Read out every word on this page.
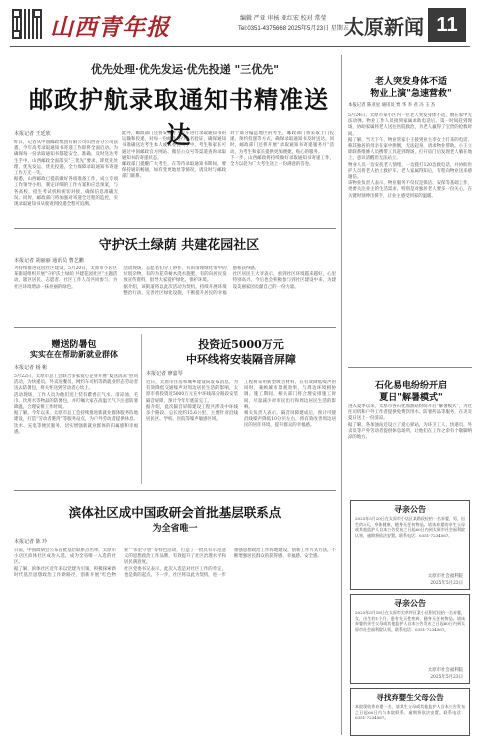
山西青年报	编辑 严亚 审核 亚红宏 校对 常莹
Tel:0351-4375668 2025年5月23日 星期五
太原新闻 11
优先处理·优先发运·优先投递 "三优先"
邮政护航录取通知书精准送达
本报记者 王廷欣

昨日，记者从中国邮政集团有限公司山西省分公司获悉，今年高考录取通知书寄递工作即将全面启动。为确保每一份录取通知书都能安全、准确、及时送达考生手中，山西邮政全面落实“三优先”要求，即优先处理、优先发运、优先投递，全力保障录取通知书寄递工作万无一失。

据悉，山西邮政已提前做好各项准备工作，成立专项工作领导小组，制定详细的工作方案和应急预案，与各高校、招生考试机构密切对接，确保信息准确无误。同时，邮政部门将加强对寄递全过程的监控，实现录取通知书从收寄到投递全程可追溯。

此外，邮政部门还将安排专人专车进行录取通知书的运输和投递，对每一份邮件进行实名验证，确保通知书准确送达考生本人或其委托人手中。考生和家长可通过中国邮政官方网站、微信公众号等渠道查询录取通知书的寄递状态。

邮政部门提醒广大考生，在等待录取通知书期间，要保持通讯畅通，如有变更地址等情况，请及时与邮政部门联系。

对于部分偏远地区的考生，邮政部门将采取上门投递、预约投递等方式，确保录取通知书及时送达。同时，邮政部门还将开展“录取通知书寄递服务月”活动，为考生和家长提供更加便捷、贴心的服务。

下一步，山西邮政将持续做好录取通知书寄递工作，全力以赴为广大考生送上一份满意的答卷。

老人突发身体不适
物业上演"急速营救"
本报记者 陈亚星 通讯员 贾 华 李 君 冯 玉 杰

5月24日，太原市某小区内一位老人突发身体不适，倒在家中无法动弹。物业工作人员接到家属求助电话后，第一时间赶到现场，协助家属将老人送往医院救治，为老人赢得了宝贵的抢救时间。

据了解，当天下午，物业管家小王接到业主李女士打来的电话，称其独居的母亲在家中摔倒，无法起身，请求物业帮助。小王立即联系维修人员携带工具赶到现场，打开房门后发现老人躺在地上，意识清醒但无法站立。

物业人员一边安抚老人情绪，一边拨打120急救电话，并协助医护人员将老人抬上救护车。老人家属得知后，专程向物业送来感谢信。

该物业负责人表示，物业服务不仅仅是保洁、安保等基础工作，更要关注业主的生活需求，特别是对独居老人要多一份关心，在关键时刻伸出援手，让业主感受到家的温暖。

守护沃土绿荫 共建花园社区
本报记者 胡丽丽 通讯员 曹艺鹏

为持续推进花园社区建设，5月20日，太原市小店区某街道组织开展“守护沃土绿荫 共建花园社区”主题活动，辖区居民、志愿者、社区工作人员共同参与，为社区环境增添一抹亮丽的绿色。

活动现场，志愿者们分工协作，有的清理绿化带中的垃圾杂物，有的为花草树木浇水施肥，有的向居民发放宣传资料，倡导大家爱护绿化、保护环境。

据介绍，该街道将以此次活动为契机，持续开展环境整治行动，完善社区绿化设施，不断提升居民的幸福感和获得感。

社区居民王大爷表示，看到社区环境越来越好，心里特别高兴，今后也会积极参与到社区建设中来，为建设美丽家园贡献自己的一份力量。

赠送防暑包
实实在在帮助新就业群体
本报记者 杨 彬

5月22日，太原市总工会联合多家爱心企业开展“夏送清凉”慰问活动，为快递员、外卖送餐员、网约车司机等新就业形态劳动者送去防暑包，将关怀送到劳动者心坎上。

活动现场，工作人员为他们送上装有藿香正气水、清凉油、毛巾、饮用水等物品的防暑包，并叮嘱大家在高温天气下注意防暑降温，合理安排工作时间。

据了解，今年以来，太原市总工会持续推进新就业群体服务阵地建设，打造“劳动者港湾”等服务站点，为户外劳动者提供休息、饮水、充电等便民服务，切实增强新就业群体的归属感和幸福感。

投资近5000万元
中环线将安装隔音屏障
本报记者 廖嘉琴

近日，太原市住房和城乡建设局发布消息，为有效降低交通噪声对周边居民生活的影响，太原市将投资近5000万元在中环线部分路段安装隔音屏障，预计今年年底前完工。

据介绍，此次隔音屏障建设工程共涉及中环线多个路段，总长度约15.6公里，主要针对沿线居民区、学校、医院等噪声敏感区域。

工程将采用新型吸音材料，在有效降低噪声的同时，兼顾城市景观效果，与周边环境相协调。施工期间，相关部门将合理安排施工时间，尽量减少对市民出行和周边居民生活的影响。

相关负责人表示，隔音屏障建成后，预计可使沿线噪声降低10分贝左右，将有效改善周边居民的居住环境，提升群众的幸福感。

石化易电纷纷开启
夏日"解暑模式"

进入夏季以来，太原市各石化加油站纷纷开启“解暑模式”，为过往司机和户外工作者提供免费饮用水、防暑药品等服务，在炎炎夏日送上一份清凉。

据了解，各加油站还设立了爱心驿站，为环卫工人、快递员、外卖员等户外劳动者提供休息场所，让他们在工作之余有个歇脚纳凉的地方。

寻亲公告
2025年5月20日在太原市小店区某路段捡拾一名弃婴，男，出生约3天，身体健康，随身无任何物品。请该弃婴的亲生父母或其他监护人自本公告发布之日起60日内到太原市社会福利院认领，逾期将依法安置。联系电话：0351-7234567。
太原市社会福利院
2025年5月23日
寻亲公告
2025年5月18日在太原市尖草坪区某小区附近捡拾一名弃婴，女，出生约1个月，患有先天性疾病，随身无任何物品。请该弃婴的亲生父母或其他监护人自本公告发布之日起60日内到太原市社会福利院认领。联系电话：0351-7234567。
太原市社会福利院
2025年5月23日
寻找弃婴生父母公告
本院现收养弃婴一名，请其生父母或其他监护人自本公告发布之日起60日内与本院联系，逾期将依法安置。联系电话：0351-7234567。
滨体社区成中国政研会首批基层联系点
为全省唯一
本报记者 陈 玲

日前，中国政研会公布首批基层联系点名单，太原市小店区滨体社区成功入选，成为全省唯一入选的社区。

据了解，滨体社区近年来以党建为引领，积极探索新时代基层思想政治工作新路径，创新开展“红色物业”“邻里守望”等特色活动，打造了一批具有示范意义的思想政治工作品牌，有效提升了社区治理水平和居民满意度。

社区党委书记表示，此次入选是对社区工作的肯定，也是新的起点。下一步，社区将以此为契机，进一步加强思想政治工作阵地建设，创新工作方式方法，不断增强居民群众的获得感、幸福感、安全感。
